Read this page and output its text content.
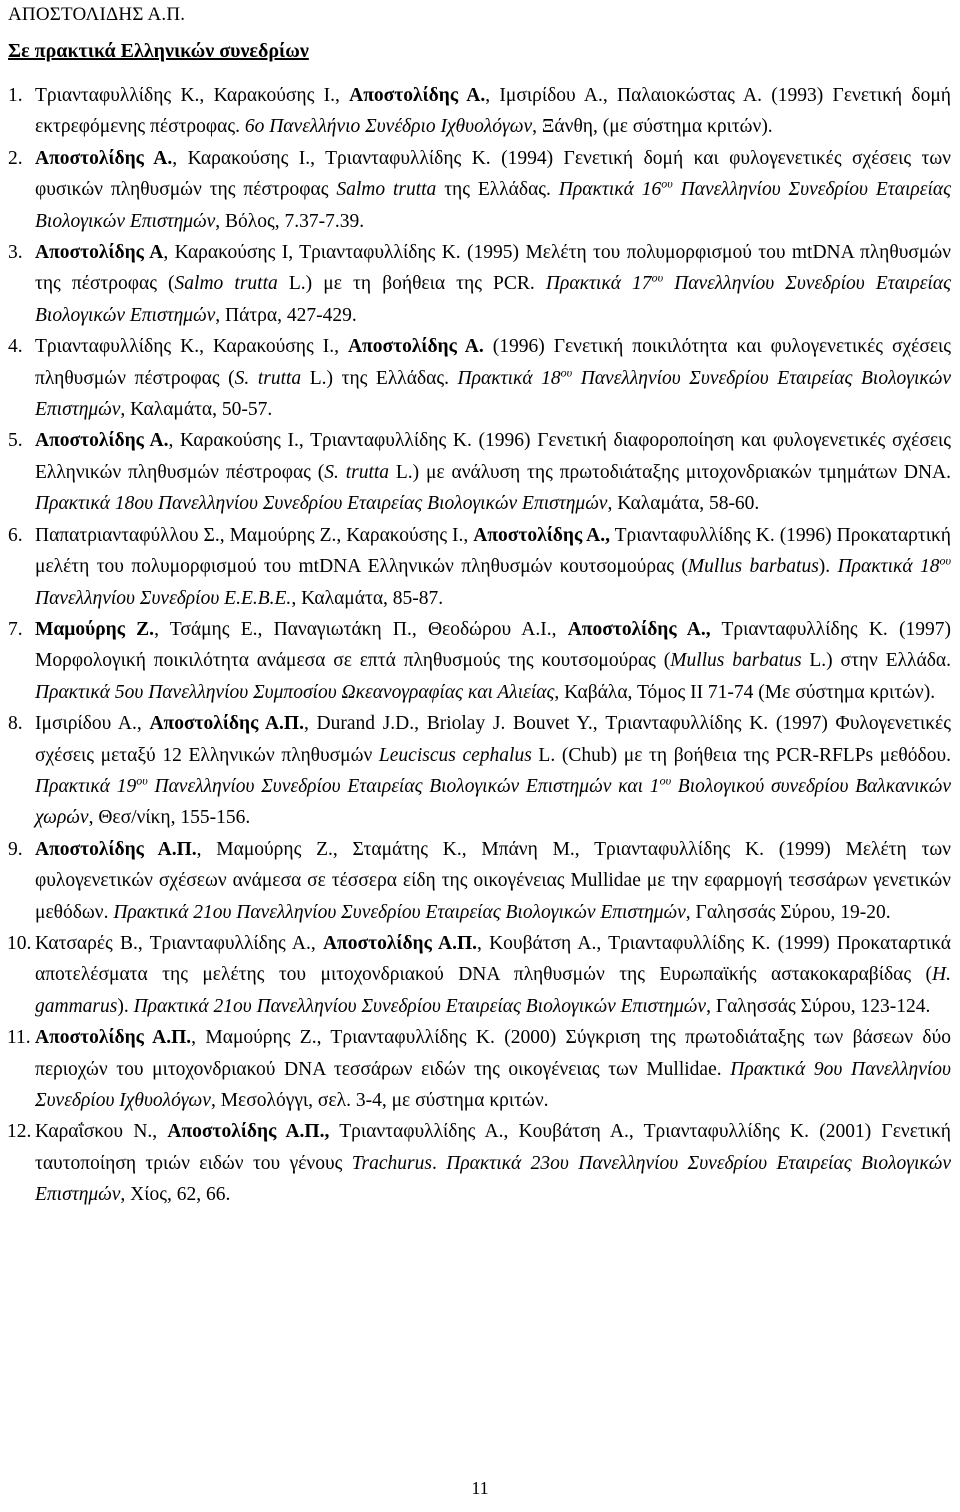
ΑΠΟΣΤΟΛΙΔΗΣ Α.Π.
Σε πρακτικά Ελληνικών συνεδρίων
1. Τριανταφυλλίδης Κ., Καρακούσης Ι., Αποστολίδης Α., Ιμσιρίδου Α., Παλαιοκώστας Α. (1993) Γενετική δομή εκτρεφόμενης πέστροφας. 6ο Πανελλήνιο Συνέδριο Ιχθυολόγων, Ξάνθη, (με σύστημα κριτών).
2. Αποστολίδης Α., Καρακούσης Ι., Τριανταφυλλίδης Κ. (1994) Γενετική δομή και φυλογενετικές σχέσεις των φυσικών πληθυσμών της πέστροφας Salmo trutta της Ελλάδας. Πρακτικά $16^{o\upsilon}$ Πανελληνίου Συνεδρίου Εταιρείας Βιολογικών Επιστημών, Βόλος, 7.37-7.39.
3. Αποστολίδης Α, Καρακούσης Ι, Τριανταφυλλίδης Κ. (1995) Μελέτη του πολυμορφισμού του mtDNA πληθυσμών της πέστροφας (Salmo trutta L.) με τη βοήθεια της PCR. Πρακτικά $17^{o\upsilon}$ Πανελληνίου Συνεδρίου Εταιρείας Βιολογικών Επιστημών, Πάτρα, 427-429.
4. Τριανταφυλλίδης Κ., Καρακούσης Ι., Αποστολίδης Α. (1996) Γενετική ποικιλότητα και φυλογενετικές σχέσεις πληθυσμών πέστροφας (S. trutta L.) της Ελλάδας. Πρακτικά $18^{o\upsilon}$ Πανελληνίου Συνεδρίου Εταιρείας Βιολογικών Επιστημών, Καλαμάτα, 50-57.
5. Αποστολίδης Α., Καρακούσης Ι., Τριανταφυλλίδης Κ. (1996) Γενετική διαφοροποίηση και φυλογενετικές σχέσεις Ελληνικών πληθυσμών πέστροφας (S. trutta L.) με ανάλυση της πρωτοδιάταξης μιτοχονδριακών τμημάτων DNA. Πρακτικά 18ου Πανελληνίου Συνεδρίου Εταιρείας Βιολογικών Επιστημών, Καλαμάτα, 58-60.
6. Παπατριανταφύλλου Σ., Μαμούρης Ζ., Καρακούσης Ι., Αποστολίδης Α., Τριανταφυλλίδης Κ. (1996) Προκαταρτική μελέτη του πολυμορφισμού του mtDNA Ελληνικών πληθυσμών κουτσομούρας (Mullus barbatus). Πρακτικά $18^{o\upsilon}$ Πανελληνίου Συνεδρίου Ε.Ε.Β.Ε., Καλαμάτα, 85-87.
7. Μαμούρης Ζ., Τσάμης Ε., Παναγιωτάκη Π., Θεοδώρου Α.Ι., Αποστολίδης Α., Τριανταφυλλίδης Κ. (1997) Μορφολογική ποικιλότητα ανάμεσα σε επτά πληθυσμούς της κουτσομούρας (Mullus barbatus L.) στην Ελλάδα. Πρακτικά 5ου Πανελληνίου Συμποσίου Ωκεανογραφίας και Αλιείας, Καβάλα, Τόμος ΙΙ 71-74 (Με σύστημα κριτών).
8. Ιμσιρίδου Α., Αποστολίδης Α.Π., Durand J.D., Briolay J. Bouvet Y., Τριανταφυλλίδης Κ. (1997) Φυλογενετικές σχέσεις μεταξύ 12 Ελληνικών πληθυσμών Leuciscus cephalus L. (Chub) με τη βοήθεια της PCR-RFLPs μεθόδου. Πρακτικά $19^{o\upsilon}$ Πανελληνίου Συνεδρίου Εταιρείας Βιολογικών Επιστημών και $1^{o\upsilon}$ Βιολογικού συνεδρίου Βαλκανικών χωρών, Θεσ/νίκη, 155-156.
9. Αποστολίδης Α.Π., Μαμούρης Ζ., Σταμάτης Κ., Μπάνη Μ., Τριανταφυλλίδης Κ. (1999) Μελέτη των φυλογενετικών σχέσεων ανάμεσα σε τέσσερα είδη της οικογένειας Mullidae με την εφαρμογή τεσσάρων γενετικών μεθόδων. Πρακτικά 21ου Πανελληνίου Συνεδρίου Εταιρείας Βιολογικών Επιστημών, Γαλησσάς Σύρου, 19-20.
10. Κατσαρές Β., Τριανταφυλλίδης Α., Αποστολίδης Α.Π., Κουβάτση Α., Τριανταφυλλίδης Κ. (1999) Προκαταρτικά αποτελέσματα της μελέτης του μιτοχονδριακού DNA πληθυσμών της Ευρωπαϊκής αστακοκαραβίδας (H. gammarus). Πρακτικά 21ου Πανελληνίου Συνεδρίου Εταιρείας Βιολογικών Επιστημών, Γαλησσάς Σύρου, 123-124.
11. Αποστολίδης Α.Π., Μαμούρης Ζ., Τριανταφυλλίδης Κ. (2000) Σύγκριση της πρωτοδιάταξης των βάσεων δύο περιοχών του μιτοχονδριακού DNA τεσσάρων ειδών της οικογένειας των Mullidae. Πρακτικά 9ου Πανελληνίου Συνεδρίου Ιχθυολόγων, Μεσολόγγι, σελ. 3-4, με σύστημα κριτών.
12. Καραΐσκου Ν., Αποστολίδης Α.Π., Τριανταφυλλίδης Α., Κουβάτση Α., Τριανταφυλλίδης Κ. (2001) Γενετική ταυτοποίηση τριών ειδών του γένους Trachurus. Πρακτικά 23ου Πανελληνίου Συνεδρίου Εταιρείας Βιολογικών Επιστημών, Χίος, 62, 66.
11
